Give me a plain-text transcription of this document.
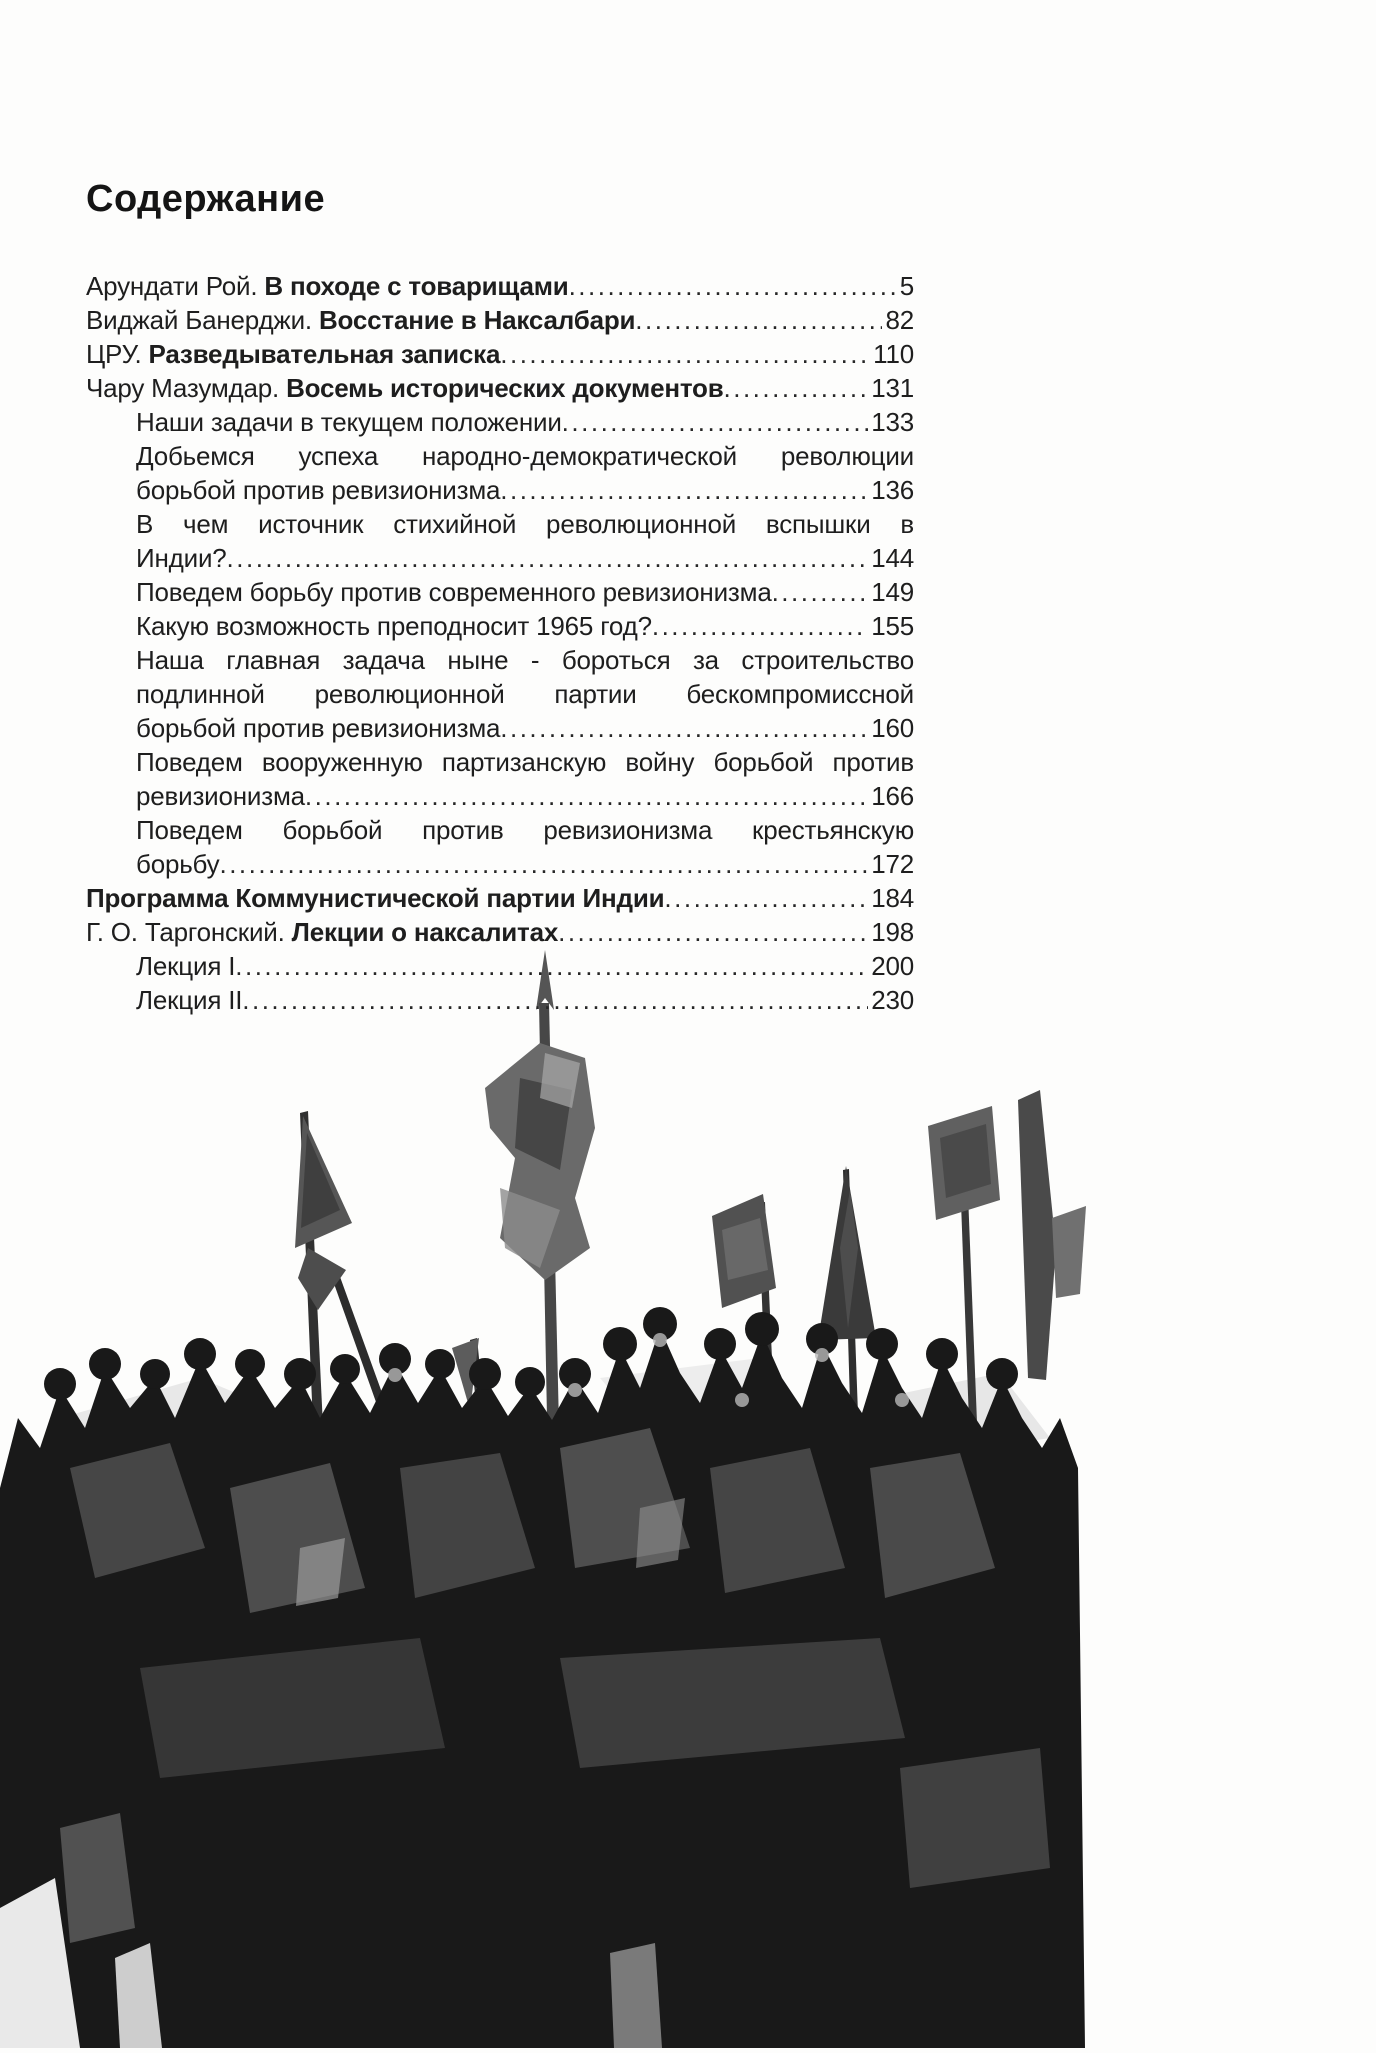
Содержание
Арундати Рой. В походе с товарищами .....	5
Виджай Банерджи. Восстание в Наксалбари .....	82
ЦРУ. Разведывательная записка .....	110
Чару Мазумдар. Восемь исторических документов .....	131
Наши задачи в текущем положении .....	133
Добьемся успеха народно-демократической революции
борьбой против ревизионизма .....	136
В чем источник стихийной революционной вспышки в
Индии? .....	144
Поведем борьбу против современного ревизионизма .....	149
Какую возможность преподносит 1965 год? .....	155
Наша главная задача ныне - бороться за строительство
подлинной революционной партии бескомпромиссной
борьбой против ревизионизма .....	160
Поведем вооруженную партизанскую войну борьбой против
ревизионизма .....	166
Поведем борьбой против ревизионизма крестьянскую
борьбу .....	172
Программа Коммунистической партии Индии .....	184
Г. О. Таргонский. Лекции о наксалитах .....	198
Лекция I .....	200
Лекция II .....	230
